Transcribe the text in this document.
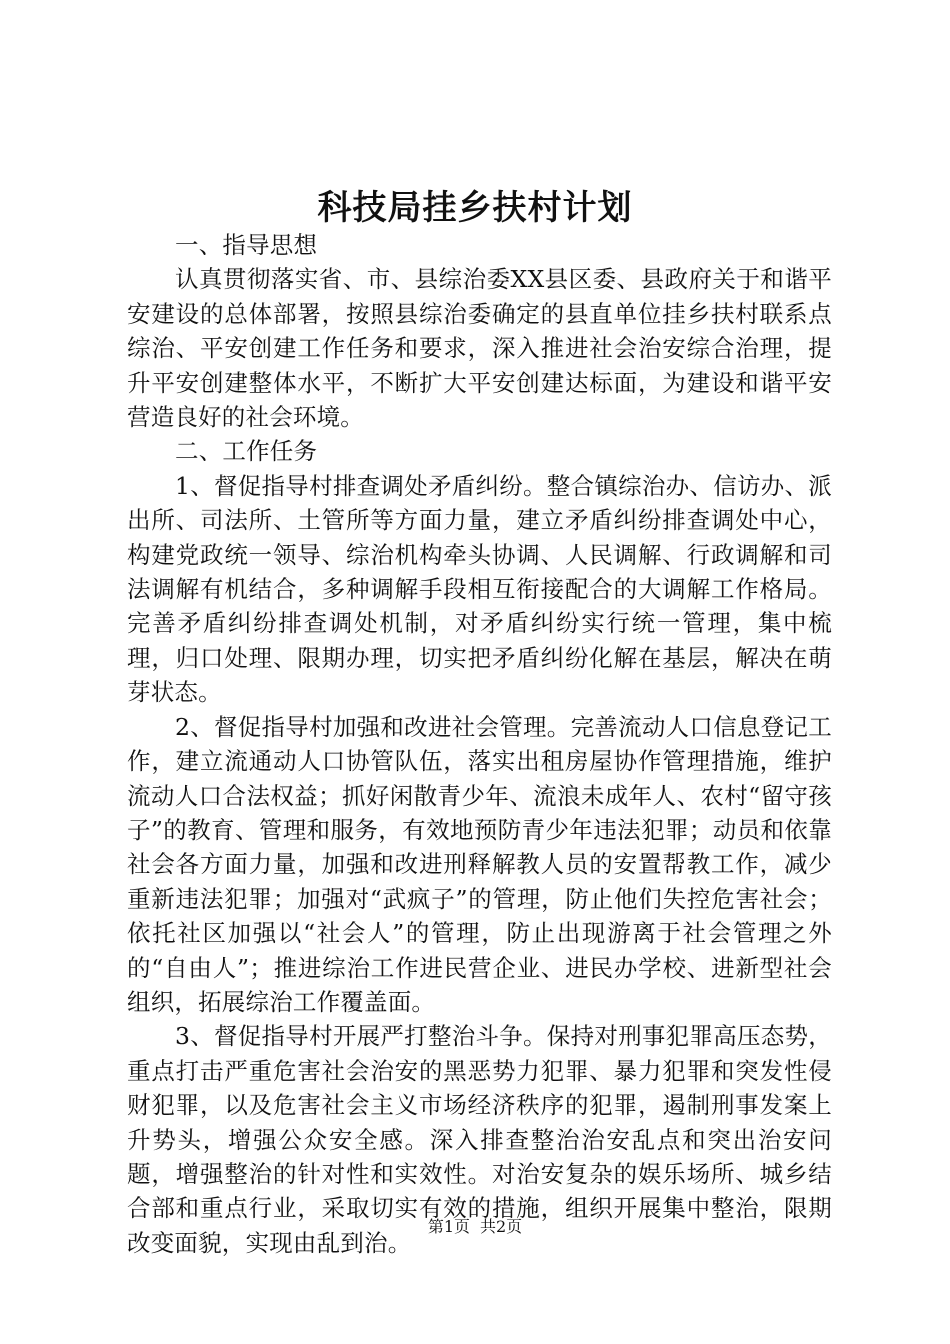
科技局挂乡扶村计划

一、指导思想

认真贯彻落实省、市、县综治委XX县区委、县政府关于和谐平安建设的总体部署，按照县综治委确定的县直单位挂乡扶村联系点综治、平安创建工作任务和要求，深入推进社会治安综合治理，提升平安创建整体水平，不断扩大平安创建达标面，为建设和谐平安营造良好的社会环境。

二、工作任务

1、督促指导村排查调处矛盾纠纷。整合镇综治办、信访办、派出所、司法所、土管所等方面力量，建立矛盾纠纷排查调处中心，构建党政统一领导、综治机构牵头协调、人民调解、行政调解和司法调解有机结合，多种调解手段相互衔接配合的大调解工作格局。完善矛盾纠纷排查调处机制，对矛盾纠纷实行统一管理，集中梳理，归口处理、限期办理，切实把矛盾纠纷化解在基层，解决在萌芽状态。

2、督促指导村加强和改进社会管理。完善流动人口信息登记工作，建立流通动人口协管队伍，落实出租房屋协作管理措施，维护流动人口合法权益；抓好闲散青少年、流浪未成年人、农村“留守孩子”的教育、管理和服务，有效地预防青少年违法犯罪；动员和依靠社会各方面力量，加强和改进刑释解教人员的安置帮教工作，减少重新违法犯罪；加强对“武疯子”的管理，防止他们失控危害社会；依托社区加强以“社会人”的管理，防止出现游离于社会管理之外的“自由人”；推进综治工作进民营企业、进民办学校、进新型社会组织，拓展综治工作覆盖面。

3、督促指导村开展严打整治斗争。保持对刑事犯罪高压态势，重点打击严重危害社会治安的黑恶势力犯罪、暴力犯罪和突发性侵财犯罪，以及危害社会主义市场经济秩序的犯罪，遏制刑事发案上升势头，增强公众安全感。深入排查整治治安乱点和突出治安问题，增强整治的针对性和实效性。对治安复杂的娱乐场所、城乡结合部和重点行业，采取切实有效的措施，组织开展集中整治，限期改变面貌，实现由乱到治。

第1页 共2页
